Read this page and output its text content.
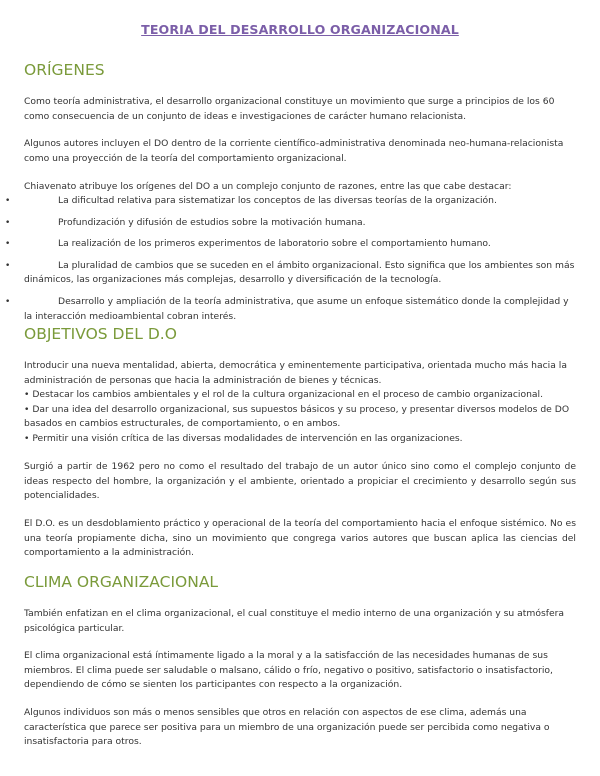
TEORIA DEL DESARROLLO ORGANIZACIONAL
ORÍGENES

Como teoría administrativa, el desarrollo organizacional constituye un movimiento que surge a principios de los 60 como consecuencia de un conjunto de ideas e investigaciones de carácter humano relacionista.

Algunos autores incluyen el DO dentro de la corriente científico-administrativa denominada neo-humana-relacionista como una proyección de la teoría del comportamiento organizacional.

Chiavenato atribuye los orígenes del DO a un complejo conjunto de razones, entre las que cabe destacar:

•	La dificultad relativa para sistematizar los conceptos de las diversas teorías de la organización.
•	Profundización y difusión de estudios sobre la motivación humana.
•	La realización de los primeros experimentos de laboratorio sobre el comportamiento humano.
•	La pluralidad de cambios que se suceden en el ámbito organizacional. Esto significa que los ambientes son más dinámicos, las organizaciones más complejas, desarrollo y diversificación de la tecnología.
•	Desarrollo y ampliación de la teoría administrativa, que asume un enfoque sistemático donde la complejidad y la interacción medioambiental cobran interés.
OBJETIVOS DEL D.O
Introducir una nueva mentalidad, abierta, democrática y eminentemente participativa, orientada mucho más hacia la administración de personas que hacia la administración de bienes y técnicas.
• Destacar los cambios ambientales y el rol de la cultura organizacional en el proceso de cambio organizacional.
• Dar una idea del desarrollo organizacional, sus supuestos básicos y su proceso, y presentar diversos modelos de DO basados en cambios estructurales, de comportamiento, o en ambos.
• Permitir una visión crítica de las diversas modalidades de intervención en las organizaciones.

Surgió a partir de 1962 pero no como el resultado del trabajo de un autor único sino como el complejo conjunto de ideas respecto del hombre, la organización y el ambiente, orientado a propiciar el crecimiento y desarrollo según sus potencialidades.

El D.O. es un desdoblamiento práctico y operacional de la teoría del comportamiento hacia el enfoque sistémico. No es una teoría propiamente dicha, sino un movimiento que congrega varios autores que buscan aplica las ciencias del comportamiento a la administración.

CLIMA ORGANIZACIONAL

También enfatizan en el clima organizacional, el cual constituye el medio interno de una organización y su atmósfera psicológica particular.

El clima organizacional está íntimamente ligado a la moral y a la satisfacción de las necesidades humanas de sus miembros. El clima puede ser saludable o malsano, cálido o frío, negativo o positivo, satisfactorio o insatisfactorio, dependiendo de cómo se sienten los participantes con respecto a la organización.

Algunos individuos son más o menos sensibles que otros en relación con aspectos de ese clima, además una característica que parece ser positiva para un miembro de una organización puede ser percibida como negativa o insatisfactoria para otros.
